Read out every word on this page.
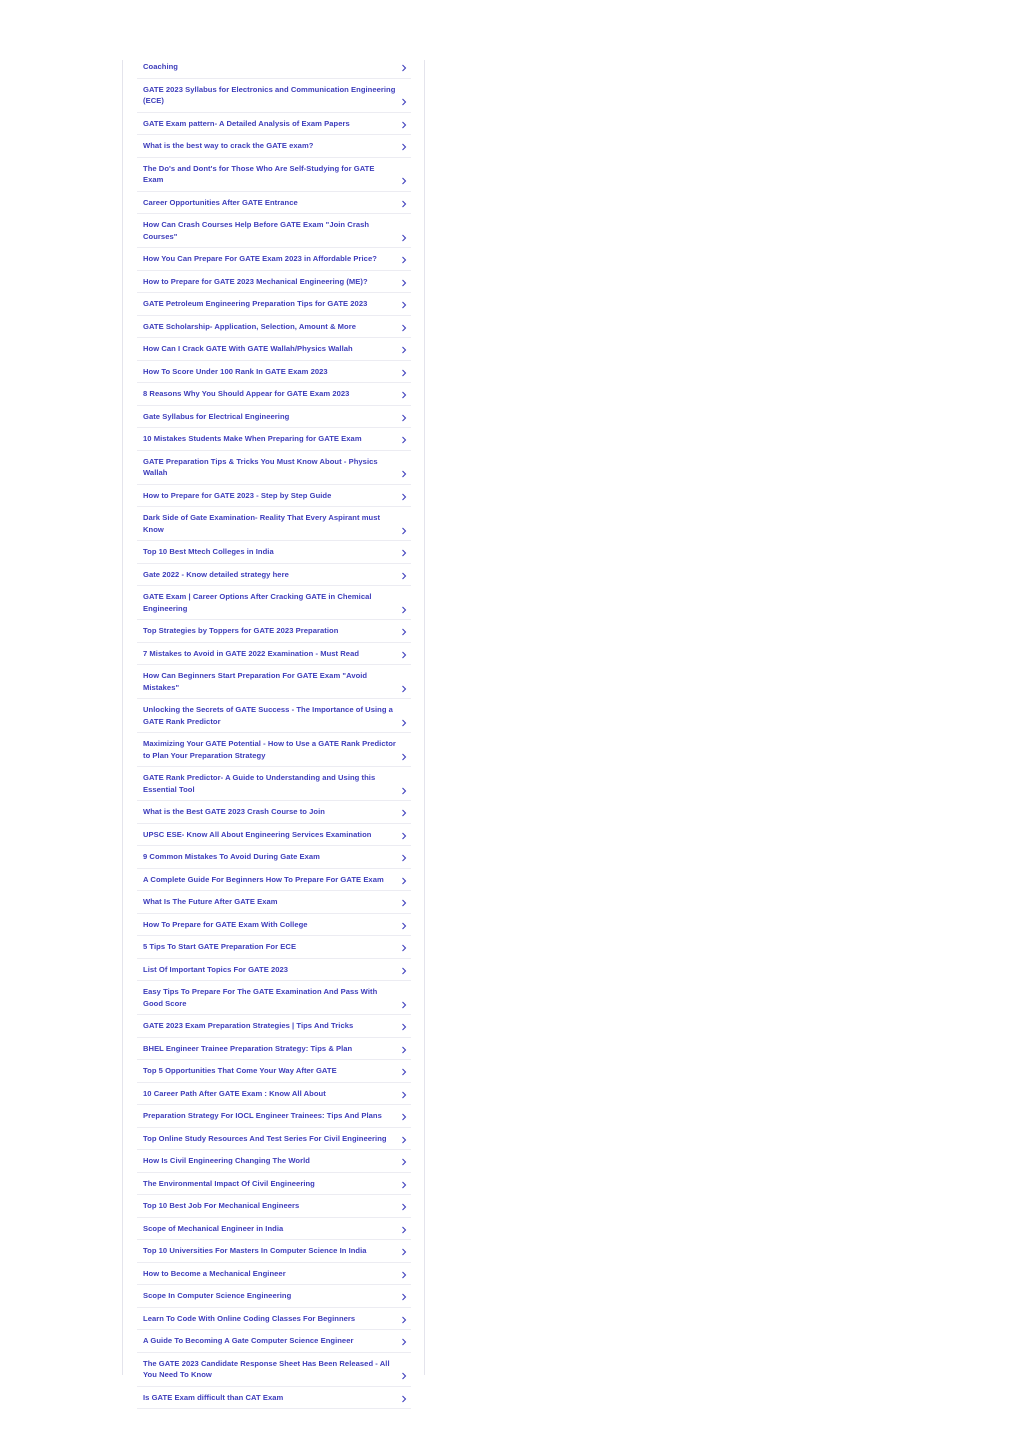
Coaching
GATE 2023 Syllabus for Electronics and Communication Engineering (ECE)
GATE Exam pattern- A Detailed Analysis of Exam Papers
What is the best way to crack the GATE exam?
The Do's and Dont's for Those Who Are Self-Studying for GATE Exam
Career Opportunities After GATE Entrance
How Can Crash Courses Help Before GATE Exam "Join Crash Courses"
How You Can Prepare For GATE Exam 2023 in Affordable Price?
How to Prepare for GATE 2023 Mechanical Engineering (ME)?
GATE Petroleum Engineering Preparation Tips for GATE 2023
GATE Scholarship- Application, Selection, Amount & More
How Can I Crack GATE With GATE Wallah/Physics Wallah
How To Score Under 100 Rank In GATE Exam 2023
8 Reasons Why You Should Appear for GATE Exam 2023
Gate Syllabus for Electrical Engineering
10 Mistakes Students Make When Preparing for GATE Exam
GATE Preparation Tips & Tricks You Must Know About - Physics Wallah
How to Prepare for GATE 2023 - Step by Step Guide
Dark Side of Gate Examination- Reality That Every Aspirant must Know
Top 10 Best Mtech Colleges in India
Gate 2022 - Know detailed strategy here
GATE Exam | Career Options After Cracking GATE in Chemical Engineering
Top Strategies by Toppers for GATE 2023 Preparation
7 Mistakes to Avoid in GATE 2022 Examination - Must Read
How Can Beginners Start Preparation For GATE Exam "Avoid Mistakes"
Unlocking the Secrets of GATE Success - The Importance of Using a GATE Rank Predictor
Maximizing Your GATE Potential - How to Use a GATE Rank Predictor to Plan Your Preparation Strategy
GATE Rank Predictor- A Guide to Understanding and Using this Essential Tool
What is the Best GATE 2023 Crash Course to Join
UPSC ESE- Know All About Engineering Services Examination
9 Common Mistakes To Avoid During Gate Exam
A Complete Guide For Beginners How To Prepare For GATE Exam
What Is The Future After GATE Exam
How To Prepare for GATE Exam With College
5 Tips To Start GATE Preparation For ECE
List Of Important Topics For GATE 2023
Easy Tips To Prepare For The GATE Examination And Pass With Good Score
GATE 2023 Exam Preparation Strategies | Tips And Tricks
BHEL Engineer Trainee Preparation Strategy: Tips & Plan
Top 5 Opportunities That Come Your Way After GATE
10 Career Path After GATE Exam : Know All About
Preparation Strategy For IOCL Engineer Trainees: Tips And Plans
Top Online Study Resources And Test Series For Civil Engineering
How Is Civil Engineering Changing The World
The Environmental Impact Of Civil Engineering
Top 10 Best Job For Mechanical Engineers
Scope of Mechanical Engineer in India
Top 10 Universities For Masters In Computer Science In India
How to Become a Mechanical Engineer
Scope In Computer Science Engineering
Learn To Code With Online Coding Classes For Beginners
A Guide To Becoming A Gate Computer Science Engineer
The GATE 2023 Candidate Response Sheet Has Been Released - All You Need To Know
Is GATE Exam difficult than CAT Exam
